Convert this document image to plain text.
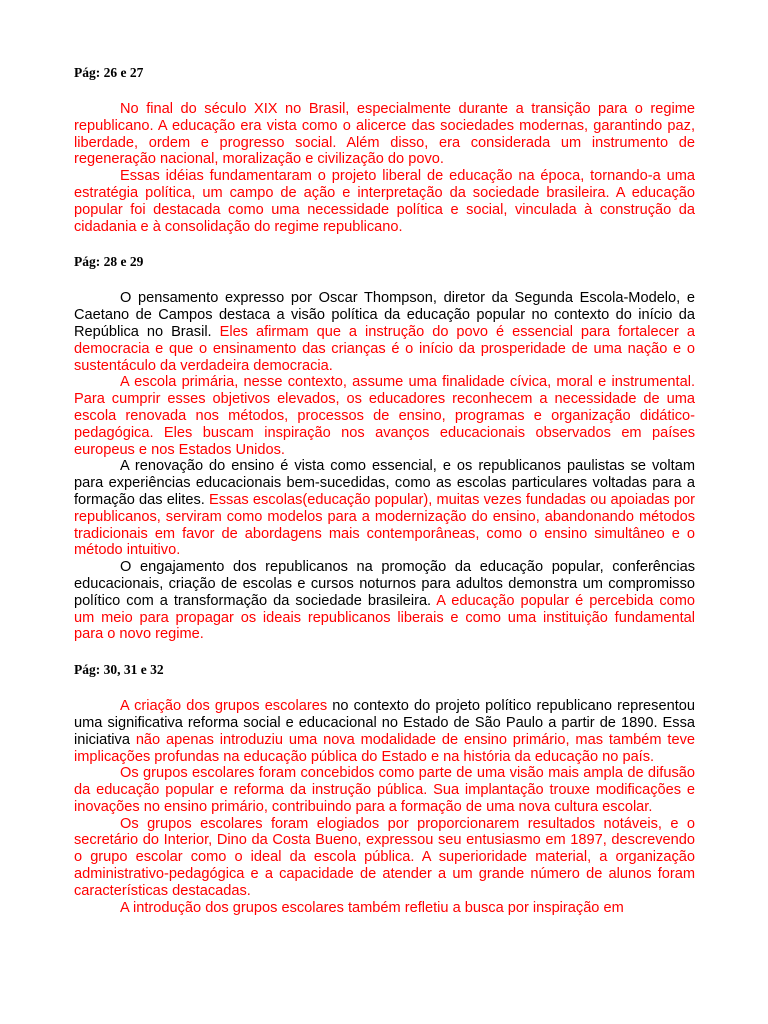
Pág: 26 e 27

No final do século XIX no Brasil, especialmente durante a transição para o regime republicano. A educação era vista como o alicerce das sociedades modernas, garantindo paz, liberdade, ordem e progresso social. Além disso, era considerada um instrumento de regeneração nacional, moralização e civilização do povo.

Essas idéias fundamentaram o projeto liberal de educação na época, tornando-a uma estratégia política, um campo de ação e interpretação da sociedade brasileira. A educação popular foi destacada como uma necessidade política e social, vinculada à construção da cidadania e à consolidação do regime republicano.

Pág: 28 e 29

O pensamento expresso por Oscar Thompson, diretor da Segunda Escola-Modelo, e Caetano de Campos destaca a visão política da educação popular no contexto do início da República no Brasil. Eles afirmam que a instrução do povo é essencial para fortalecer a democracia e que o ensinamento das crianças é o início da prosperidade de uma nação e o sustentáculo da verdadeira democracia.

A escola primária, nesse contexto, assume uma finalidade cívica, moral e instrumental. Para cumprir esses objetivos elevados, os educadores reconhecem a necessidade de uma escola renovada nos métodos, processos de ensino, programas e organização didático-pedagógica. Eles buscam inspiração nos avanços educacionais observados em países europeus e nos Estados Unidos.

A renovação do ensino é vista como essencial, e os republicanos paulistas se voltam para experiências educacionais bem-sucedidas, como as escolas particulares voltadas para a formação das elites. Essas escolas(educação popular), muitas vezes fundadas ou apoiadas por republicanos, serviram como modelos para a modernização do ensino, abandonando métodos tradicionais em favor de abordagens mais contemporâneas, como o ensino simultâneo e o método intuitivo.

O engajamento dos republicanos na promoção da educação popular, conferências educacionais, criação de escolas e cursos noturnos para adultos demonstra um compromisso político com a transformação da sociedade brasileira. A educação popular é percebida como um meio para propagar os ideais republicanos liberais e como uma instituição fundamental para o novo regime.

Pág: 30, 31 e 32

A criação dos grupos escolares no contexto do projeto político republicano representou uma significativa reforma social e educacional no Estado de São Paulo a partir de 1890. Essa iniciativa não apenas introduziu uma nova modalidade de ensino primário, mas também teve implicações profundas na educação pública do Estado e na história da educação no país.

Os grupos escolares foram concebidos como parte de uma visão mais ampla de difusão da educação popular e reforma da instrução pública. Sua implantação trouxe modificações e inovações no ensino primário, contribuindo para a formação de uma nova cultura escolar.

Os grupos escolares foram elogiados por proporcionarem resultados notáveis, e o secretário do Interior, Dino da Costa Bueno, expressou seu entusiasmo em 1897, descrevendo o grupo escolar como o ideal da escola pública. A superioridade material, a organização administrativo-pedagógica e a capacidade de atender a um grande número de alunos foram características destacadas.

A introdução dos grupos escolares também refletiu a busca por inspiração em
